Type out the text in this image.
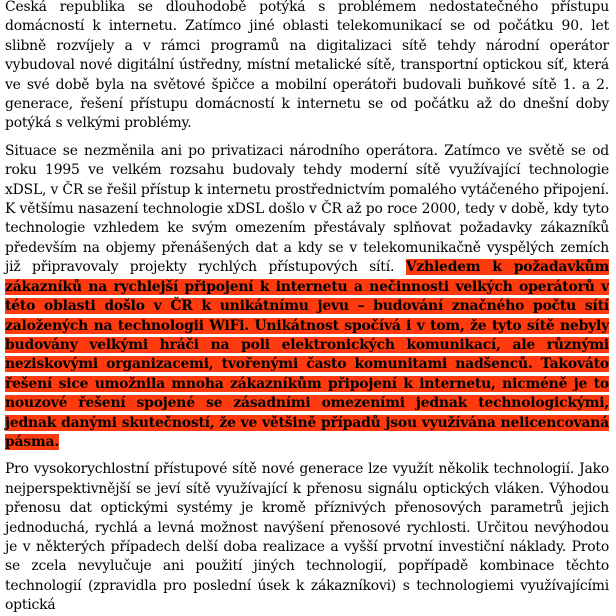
Česká republika se dlouhodobě potýká s problémem nedostatečného přístupu domácností k internetu. Zatímco jiné oblasti telekomunikací se od počátku 90. let slibně rozvíjely a v rámci programů na digitalizaci sítě tehdy národní operátor vybudoval nové digitální ústředny, místní metalické sítě, transportní optickou síť, která ve své době byla na světové špičce a mobilní operátoři budovali buňkové sítě 1. a 2. generace, řešení přístupu domácností k internetu se od počátku až do dnešní doby potýká s velkými problémy.

Situace se nezměnila ani po privatizaci národního operátora. Zatímco ve světě se od roku 1995 ve velkém rozsahu budovaly tehdy moderní sítě využívající technologie xDSL, v ČR se řešil přístup k internetu prostřednictvím pomalého vytáčeného připojení. K většímu nasazení technologie xDSL došlo v ČR až po roce 2000, tedy v době, kdy tyto technologie vzhledem ke svým omezením přestávaly splňovat požadavky zákazníků především na objemy přenášených dat a kdy se v telekomunikačně vyspělých zemích již připravovaly projekty rychlých přístupových sítí. Vzhledem k požadavkům zákazníků na rychlejší připojení k internetu a nečinnosti velkých operátorů v této oblasti došlo v ČR k unikátnímu jevu – budování značného počtu sítí založených na technologii WiFi. Unikátnost spočívá i v tom, že tyto sítě nebyly budovány velkými hráči na poli elektronických komunikací, ale různými neziskovými organizacemi, tvořenými často komunitami nadšenců. Takováto řešení sice umožnila mnoha zákazníkům připojení k internetu, nicméně je to nouzové řešení spojené se zásadními omezeními jednak technologickými, jednak danými skutečností, že ve většině případů jsou využívána nelicencovaná pásma.

Pro vysokorychlostní přístupové sítě nové generace lze využít několik technologií. Jako nejperspektivnější se jeví sítě využívající k přenosu signálu optických vláken. Výhodou přenosu dat optickými systémy je kromě příznivých přenosových parametrů jejich jednoduchá, rychlá a levná možnost navýšení přenosové rychlosti. Určitou nevýhodou je v některých případech delší doba realizace a vyšší prvotní investiční náklady. Proto se zcela nevylučuje ani použití jiných technologií, popřípadě kombinace těchto technologií (zpravidla pro poslední úsek k zákazníkovi) s technologiemi využívajícími optická
